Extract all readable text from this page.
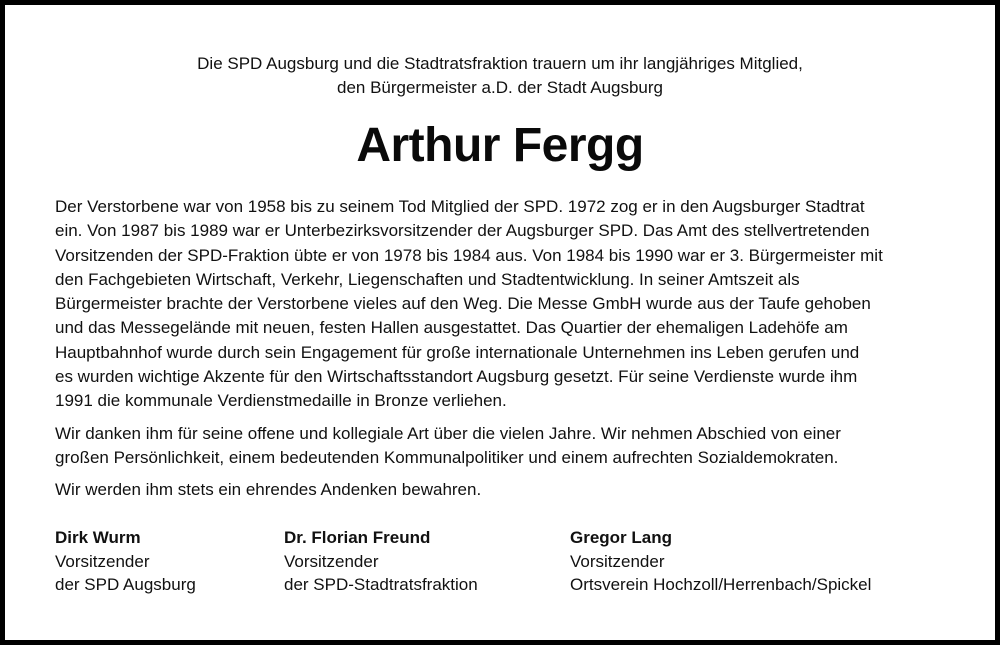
Die SPD Augsburg und die Stadtratsfraktion trauern um ihr langjähriges Mitglied,
den Bürgermeister a.D. der Stadt Augsburg
Arthur Fergg

Der Verstorbene war von 1958 bis zu seinem Tod Mitglied der SPD. 1972 zog er in den Augsburger Stadtrat
ein. Von 1987 bis 1989 war er Unterbezirksvorsitzender der Augsburger SPD. Das Amt des stellvertretenden
Vorsitzenden der SPD-Fraktion übte er von 1978 bis 1984 aus. Von 1984 bis 1990 war er 3. Bürgermeister mit
den Fachgebieten Wirtschaft, Verkehr, Liegenschaften und Stadtentwicklung. In seiner Amtszeit als
Bürgermeister brachte der Verstorbene vieles auf den Weg. Die Messe GmbH wurde aus der Taufe gehoben
und das Messegelände mit neuen, festen Hallen ausgestattet. Das Quartier der ehemaligen Ladehöfe am
Hauptbahnhof wurde durch sein Engagement für große internationale Unternehmen ins Leben gerufen und
es wurden wichtige Akzente für den Wirtschaftsstandort Augsburg gesetzt. Für seine Verdienste wurde ihm
1991 die kommunale Verdienstmedaille in Bronze verliehen.

Wir danken ihm für seine offene und kollegiale Art über die vielen Jahre. Wir nehmen Abschied von einer
großen Persönlichkeit, einem bedeutenden Kommunalpolitiker und einem aufrechten Sozialdemokraten.

Wir werden ihm stets ein ehrendes Andenken bewahren.

Dirk Wurm
Vorsitzender
der SPD Augsburg
Dr. Florian Freund
Vorsitzender
der SPD-Stadtratsfraktion
Gregor Lang
Vorsitzender
Ortsverein Hochzoll/Herrenbach/Spickel
